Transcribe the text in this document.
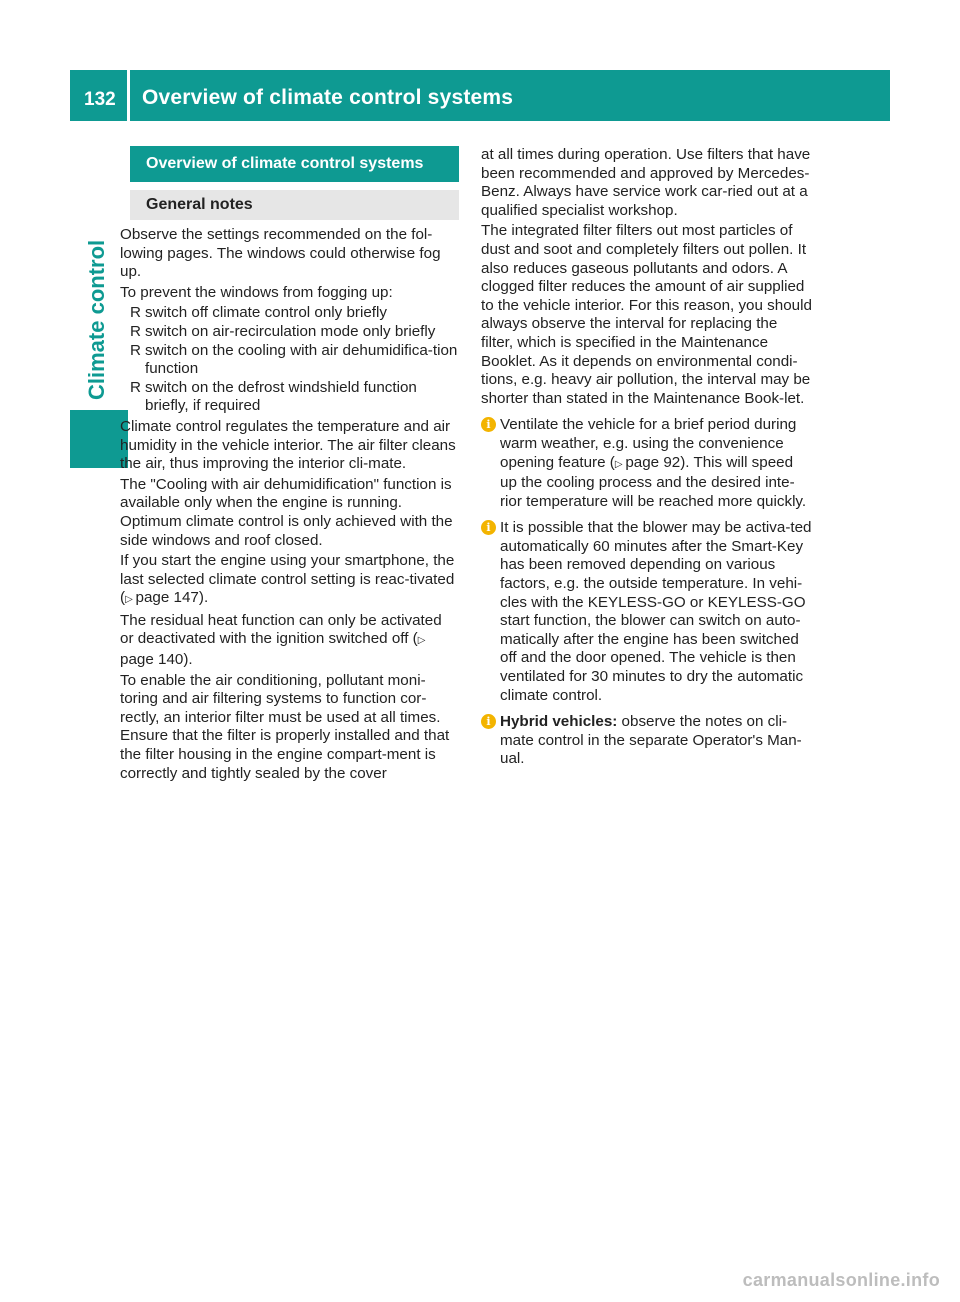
132 Overview of climate control systems
Climate control
Overview of climate control systems
General notes

Observe the settings recommended on the fol-lowing pages. The windows could otherwise fog up.

To prevent the windows from fogging up:

R switch off climate control only briefly
R switch on air-recirculation mode only briefly
R switch on the cooling with air dehumidifica-tion function
R switch on the defrost windshield function briefly, if required

Climate control regulates the temperature and air humidity in the vehicle interior. The air filter cleans the air, thus improving the interior cli-mate.

The "Cooling with air dehumidification" function is available only when the engine is running. Optimum climate control is only achieved with the side windows and roof closed.

If you start the engine using your smartphone, the last selected climate control setting is reac-tivated (▷ page 147).

The residual heat function can only be activated or deactivated with the ignition switched off (▷ page 140).

To enable the air conditioning, pollutant moni-toring and air filtering systems to function cor-rectly, an interior filter must be used at all times. Ensure that the filter is properly installed and that the filter housing in the engine compart-ment is correctly and tightly sealed by the cover

at all times during operation. Use filters that have been recommended and approved by Mercedes-Benz. Always have service work car-ried out at a qualified specialist workshop.

The integrated filter filters out most particles of dust and soot and completely filters out pollen. It also reduces gaseous pollutants and odors. A clogged filter reduces the amount of air supplied to the vehicle interior. For this reason, you should always observe the interval for replacing the filter, which is specified in the Maintenance Booklet. As it depends on environmental condi-tions, e.g. heavy air pollution, the interval may be shorter than stated in the Maintenance Book-let.

i Ventilate the vehicle for a brief period during warm weather, e.g. using the convenience opening feature (▷ page 92). This will speed up the cooling process and the desired inte-rior temperature will be reached more quickly.
i It is possible that the blower may be activa-ted automatically 60 minutes after the Smart-Key has been removed depending on various factors, e.g. the outside temperature. In vehi-cles with the KEYLESS-GO or KEYLESS-GO start function, the blower can switch on auto-matically after the engine has been switched off and the door opened. The vehicle is then ventilated for 30 minutes to dry the automatic climate control.
i Hybrid vehicles: observe the notes on cli-mate control in the separate Operator's Man-ual.
carmanualsonline.info
